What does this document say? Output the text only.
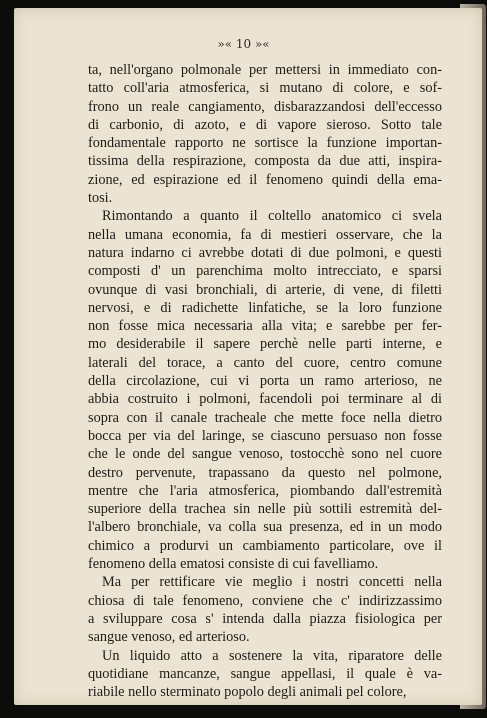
»« 10 »«
ta, nell'organo polmonale per mettersi in immediato con-
tatto coll'aria atmosferica, si mutano di colore, e sof-
frono un reale cangiamento, disbarazzandosi dell'eccesso
di carbonio, di azoto, e di vapore sieroso. Sotto tale
fondamentale rapporto ne sortisce la funzione importan-
tissima della respirazione, composta da due atti, inspira-
zione, ed espirazione ed il fenomeno quindi della ema-
tosi.
Rimontando a quanto il coltello anatomico ci svela
nella umana economia, fa di mestieri osservare, che la
natura indarno ci avrebbe dotati di due polmoni, e questi
composti d' un parenchima molto intrecciato, e sparsi
ovunque di vasi bronchiali, di arterie, di vene, di filetti
nervosi, e di radichette linfatiche, se la loro funzione
non fosse mica necessaria alla vita; e sarebbe per fer-
mo desiderabile il sapere perchè nelle parti interne, e
laterali del torace, a canto del cuore, centro comune
della circolazione, cui vi porta un ramo arterioso, ne
abbia costruito i polmoni, facendoli poi terminare al di
sopra con il canale tracheale che mette foce nella dietro
bocca per via del laringe, se ciascuno persuaso non fosse
che le onde del sangue venoso, tostocchè sono nel cuore
destro pervenute, trapassano da questo nel polmone,
mentre che l'aria atmosferica, piombando dall'estremità
superiore della trachea sin nelle più sottili estremità del-
l'albero bronchiale, va colla sua presenza, ed in un modo
chimico a produrvi un cambiamento particolare, ove il
fenomeno della ematosi consiste di cui favelliamo.
Ma per rettificare vie meglio i nostri concetti nella
chiosa di tale fenomeno, conviene che c' indirizzassimo
a sviluppare cosa s' intenda dalla piazza fisiologica per
sangue venoso, ed arterioso.
Un liquido atto a sostenere la vita, riparatore delle
quotidiane mancanze, sangue appellasi, il quale è va-
riabile nello sterminato popolo degli animali pel colore,
